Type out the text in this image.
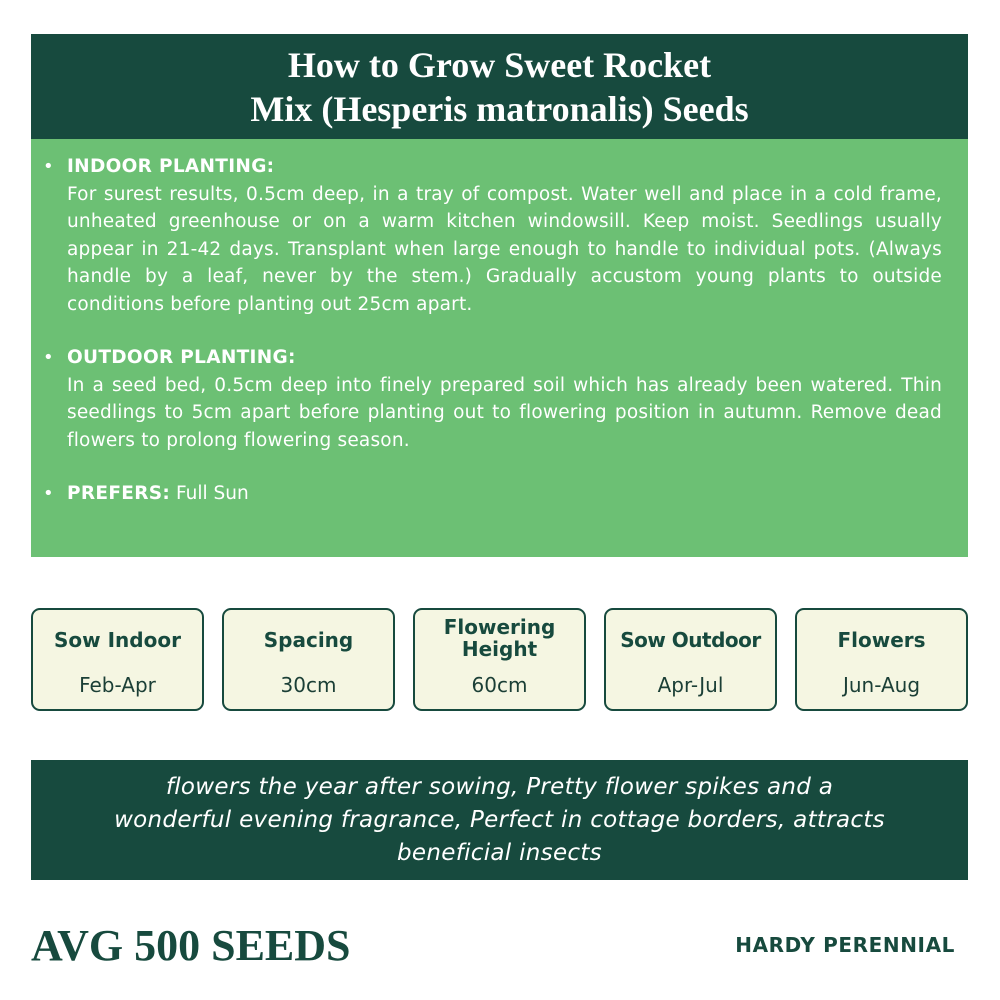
How to Grow Sweet Rocket
Mix (Hesperis matronalis) Seeds
• INDOOR PLANTING:
For surest results, 0.5cm deep, in a tray of compost. Water well and place in a cold frame, unheated greenhouse or on a warm kitchen windowsill. Keep moist. Seedlings usually appear in 21-42 days. Transplant when large enough to handle to individual pots. (Always handle by a leaf, never by the stem.) Gradually accustom young plants to outside conditions before planting out 25cm apart.
• OUTDOOR PLANTING:
In a seed bed, 0.5cm deep into finely prepared soil which has already been watered. Thin seedlings to 5cm apart before planting out to flowering position in autumn. Remove dead flowers to prolong flowering season.
• PREFERS: Full Sun
Sow Indoor
Feb-Apr
Spacing
30cm
Flowering Height
60cm
Sow Outdoor
Apr-Jul
Flowers
Jun-Aug
flowers the year after sowing, Pretty flower spikes and a wonderful evening fragrance, Perfect in cottage borders, attracts beneficial insects
AVG 500 SEEDS	HARDY PERENNIAL
